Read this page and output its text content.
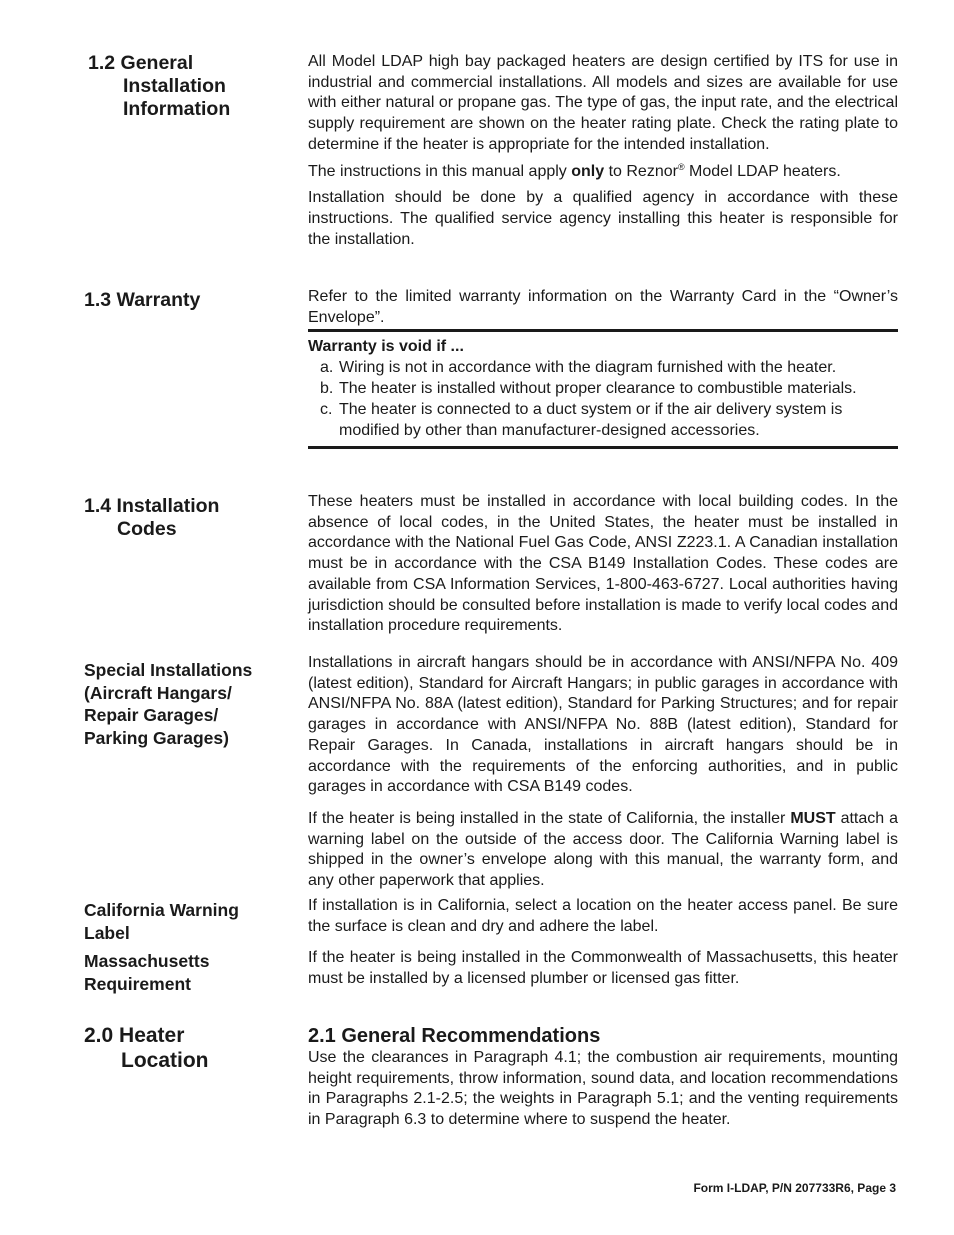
1.2 General
Installation
Information

All Model LDAP high bay packaged heaters are design certified by ITS for use in industrial and commercial installations. All models and sizes are available for use with either natural or propane gas. The type of gas, the input rate, and the electrical supply requirement are shown on the heater rating plate. Check the rating plate to determine if the heater is appropriate for the intended installation.

The instructions in this manual apply only to Reznor® Model LDAP heaters.

Installation should be done by a qualified agency in accordance with these instructions. The qualified service agency installing this heater is responsible for the installation.

1.3 Warranty	Refer to the limited warranty information on the Warranty Card in the “Owner’s Envelope”.

Warranty is void if ...

a. Wiring is not in accordance with the diagram furnished with the heater.
b. The heater is installed without proper clearance to combustible materials.
c. The heater is connected to a duct system or if the air delivery system is modified by other than manufacturer-designed accessories.
1.4 Installation
Codes

These heaters must be installed in accordance with local building codes. In the absence of local codes, in the United States, the heater must be installed in accordance with the National Fuel Gas Code, ANSI Z223.1. A Canadian installation must be in accordance with the CSA B149 Installation Codes. These codes are available from CSA Information Services, 1-800-463-6727. Local authorities having jurisdiction should be consulted before installation is made to verify local codes and installation procedure requirements.

Special Installations
(Aircraft Hangars/
Repair Garages/
Parking Garages)

Installations in aircraft hangars should be in accordance with ANSI/NFPA No. 409 (latest edition), Standard for Aircraft Hangars; in public garages in accordance with ANSI/NFPA No. 88A (latest edition), Standard for Parking Structures; and for repair garages in accordance with ANSI/NFPA No. 88B (latest edition), Standard for Repair Garages. In Canada, installations in aircraft hangars should be in accordance with the requirements of the enforcing authorities, and in public garages in accordance with CSA B149 codes.

If the heater is being installed in the state of California, the installer MUST attach a warning label on the outside of the access door. The California Warning label is shipped in the owner’s envelope along with this manual, the warranty form, and any other paperwork that applies.

California Warning
Label

If installation is in California, select a location on the heater access panel. Be sure the surface is clean and dry and adhere the label.

Massachusetts
Requirement

If the heater is being installed in the Commonwealth of Massachusetts, this heater must be installed by a licensed plumber or licensed gas fitter.

2.0 Heater
Location

2.1 General Recommendations

Use the clearances in Paragraph 4.1; the combustion air requirements, mounting height requirements, throw information, sound data, and location recommendations in Paragraphs 2.1-2.5; the weights in Paragraph 5.1; and the venting requirements in Paragraph 6.3 to determine where to suspend the heater.

Form I-LDAP, P/N 207733R6, Page 3
